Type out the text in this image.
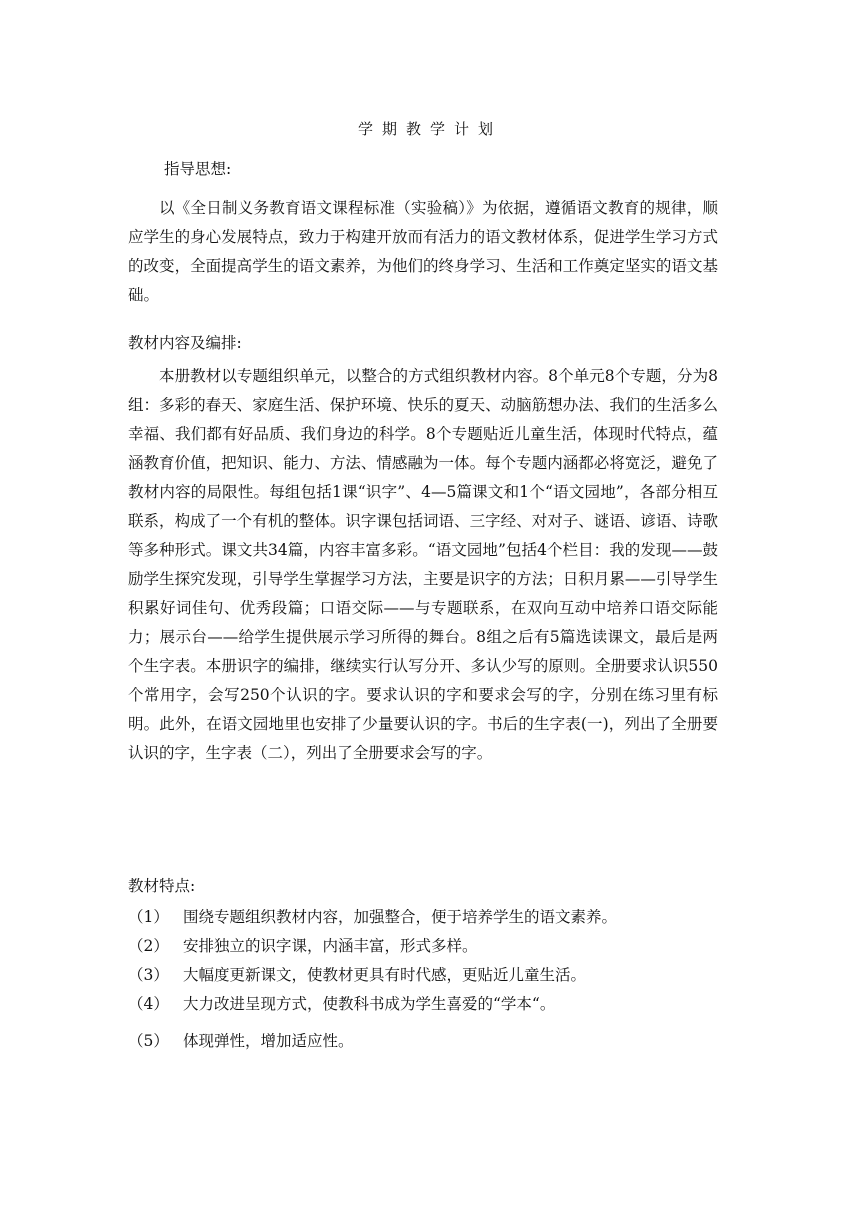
学期教学计划
指导思想:
以《全日制义务教育语文课程标准（实验稿）》为依据，遵循语文教育的规律，顺应学生的身心发展特点，致力于构建开放而有活力的语文教材体系，促进学生学习方式的改变，全面提高学生的语文素养，为他们的终身学习、生活和工作奠定坚实的语文基础。
教材内容及编排:
本册教材以专题组织单元，以整合的方式组织教材内容。8个单元8个专题，分为8组：多彩的春天、家庭生活、保护环境、快乐的夏天、动脑筋想办法、我们的生活多么幸福、我们都有好品质、我们身边的科学。8个专题贴近儿童生活，体现时代特点，蕴涵教育价值，把知识、能力、方法、情感融为一体。每个专题内涵都必将宽泛，避免了教材内容的局限性。每组包括1课“识字”、4—5篇课文和1个“语文园地”，各部分相互联系，构成了一个有机的整体。识字课包括词语、三字经、对对子、谜语、谚语、诗歌等多种形式。课文共34篇，内容丰富多彩。“语文园地”包括4个栏目：我的发现——鼓励学生探究发现，引导学生掌握学习方法，主要是识字的方法；日积月累——引导学生积累好词佳句、优秀段篇；口语交际——与专题联系，在双向互动中培养口语交际能力；展示台——给学生提供展示学习所得的舞台。8组之后有5篇选读课文，最后是两个生字表。本册识字的编排，继续实行认写分开、多认少写的原则。全册要求认识550个常用字，会写250个认识的字。要求认识的字和要求会写的字，分别在练习里有标明。此外，在语文园地里也安排了少量要认识的字。书后的生字表(一)，列出了全册要认识的字，生字表（二），列出了全册要求会写的字。
教材特点:
（1） 围绕专题组织教材内容，加强整合，便于培养学生的语文素养。
（2） 安排独立的识字课，内涵丰富，形式多样。
（3） 大幅度更新课文，使教材更具有时代感，更贴近儿童生活。
（4） 大力改进呈现方式，使教科书成为学生喜爱的“学本“。
（5） 体现弹性，增加适应性。
